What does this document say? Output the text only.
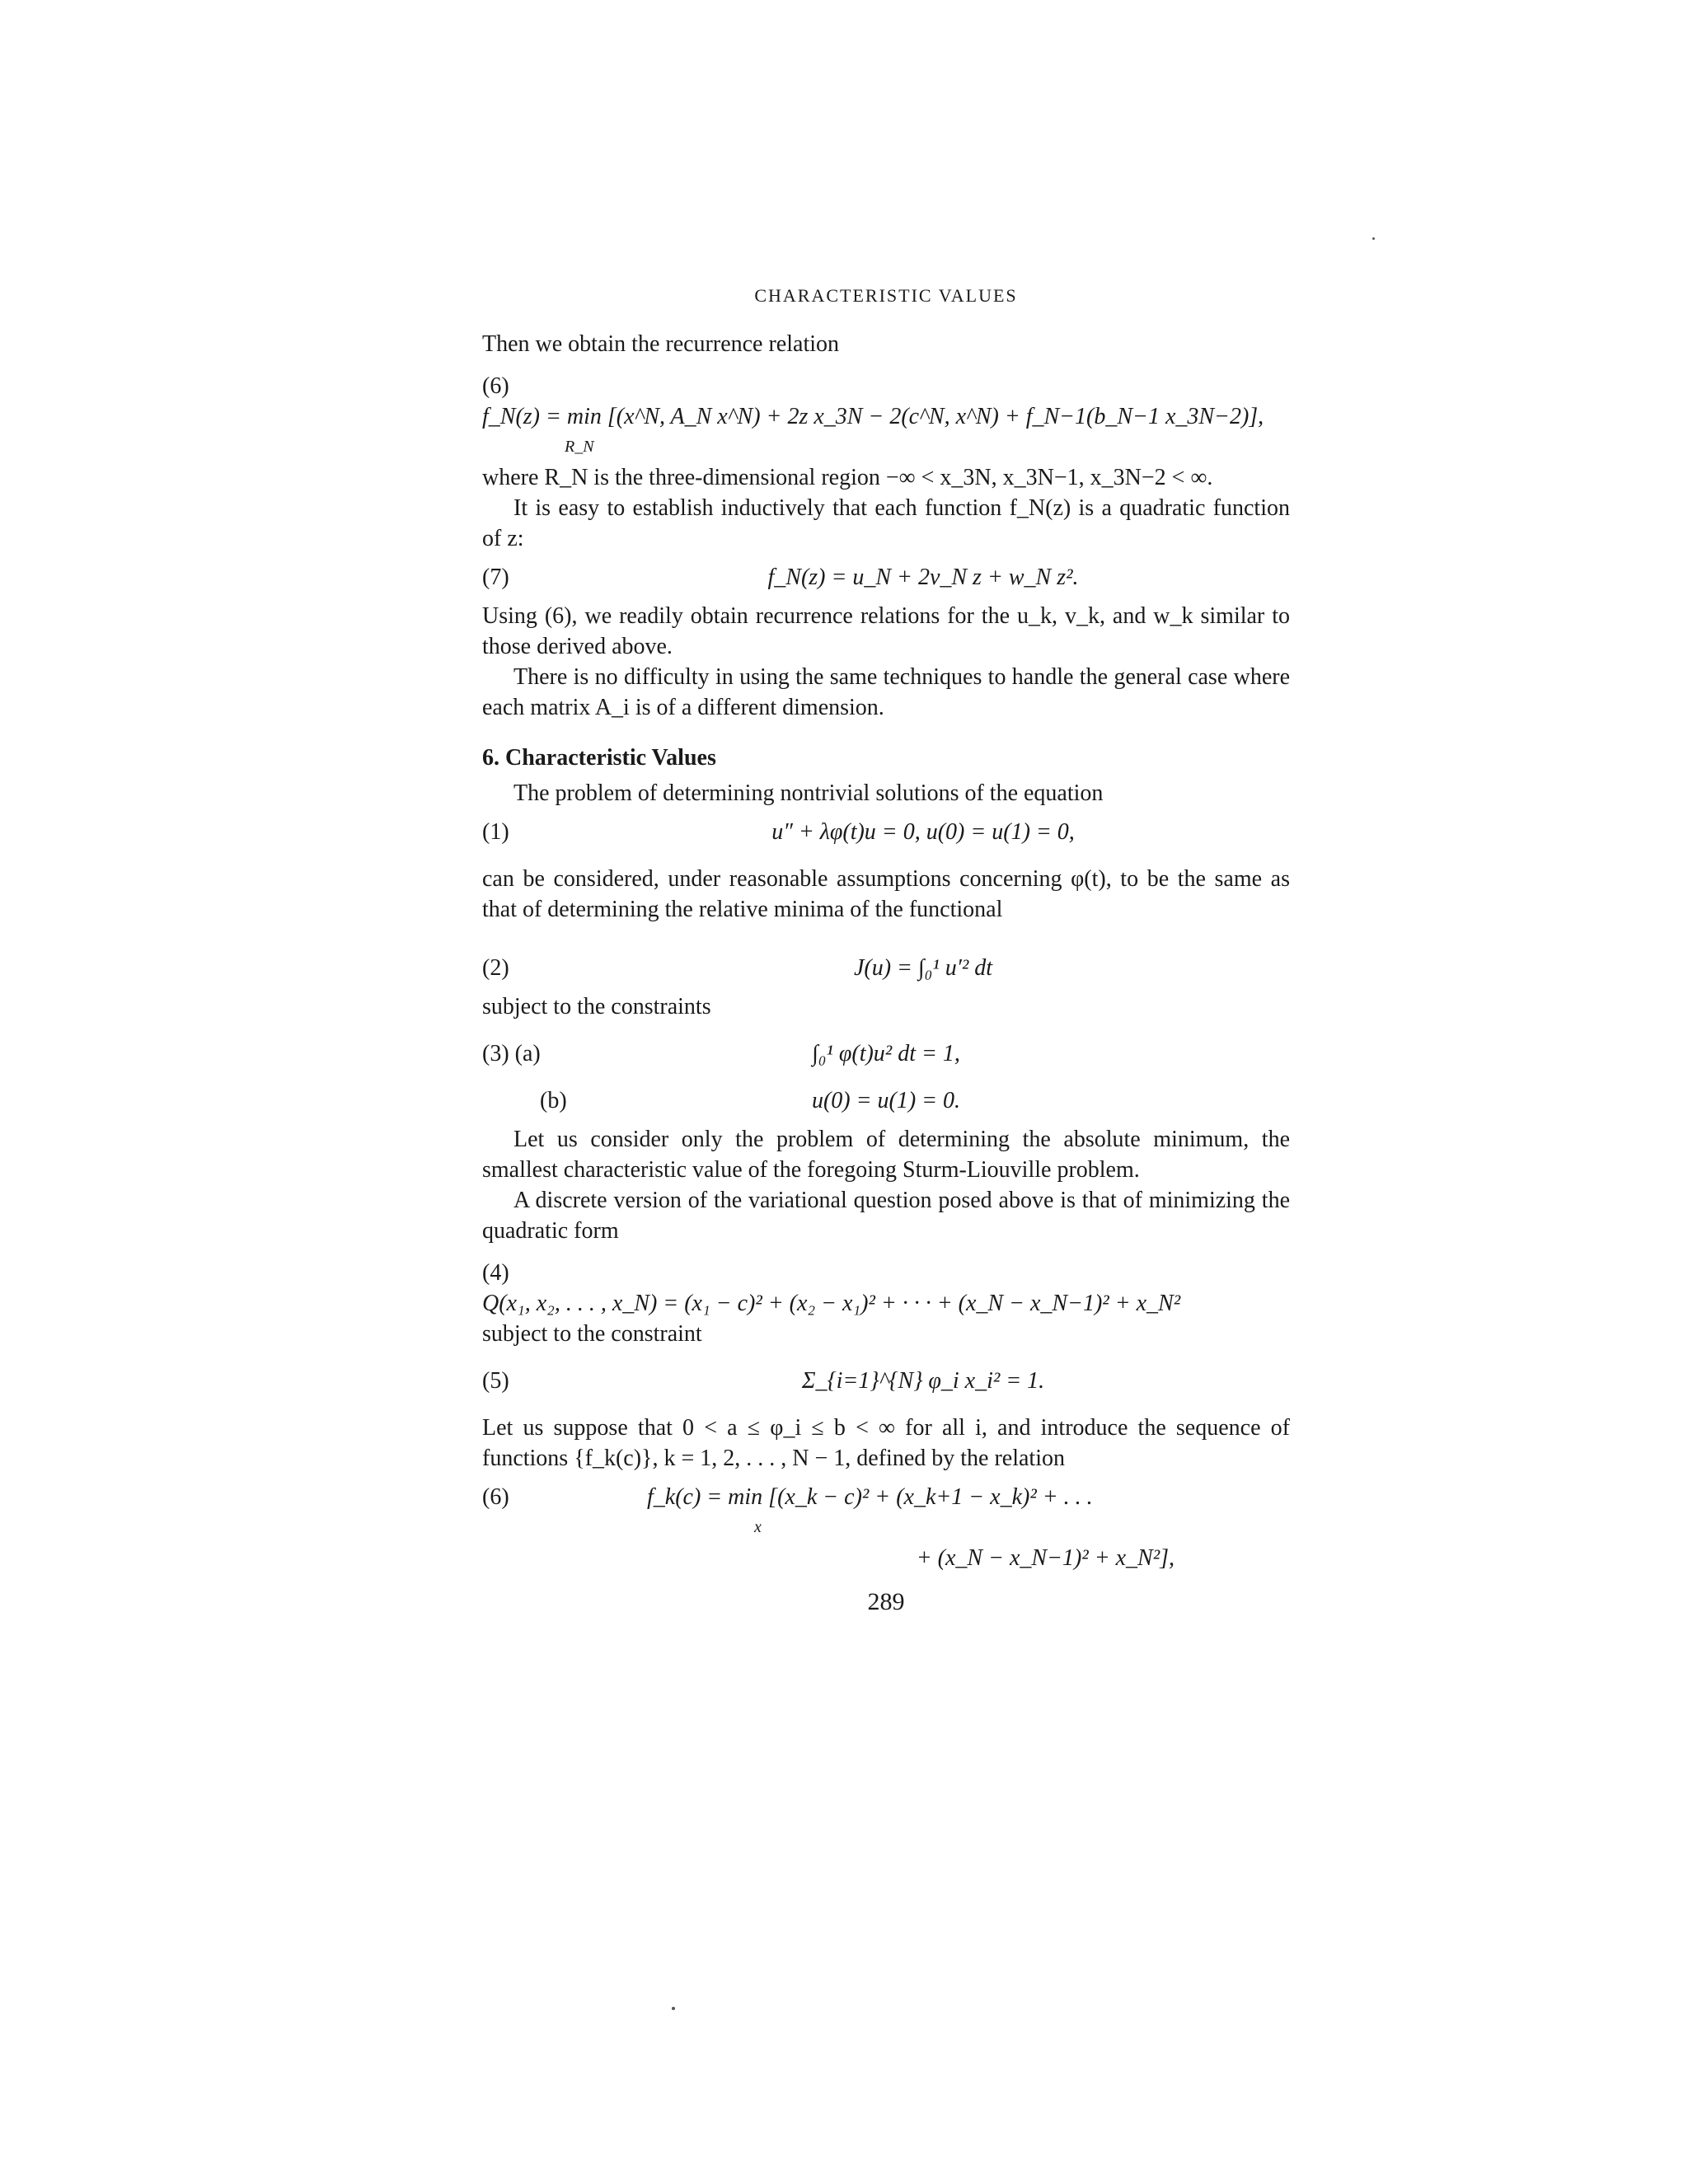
CHARACTERISTIC VALUES

Then we obtain the recurrence relation

(6)
f_N(z) = min [(x^N, A_N x^N) + 2z x_3N − 2(c^N, x^N) + f_N−1(b_N−1 x_3N−2)],
R_N

where R_N is the three-dimensional region −∞ < x_3N, x_3N−1, x_3N−2 < ∞.

It is easy to establish inductively that each function f_N(z) is a quadratic function of z:

(7)	f_N(z) = u_N + 2v_N z + w_N z².

Using (6), we readily obtain recurrence relations for the u_k, v_k, and w_k similar to those derived above.

There is no difficulty in using the same techniques to handle the general case where each matrix A_i is of a different dimension.

6. Characteristic Values

The problem of determining nontrivial solutions of the equation

(1)	u″ + λφ(t)u = 0, u(0) = u(1) = 0,

can be considered, under reasonable assumptions concerning φ(t), to be the same as that of determining the relative minima of the functional

(2)	J(u) = ∫₀¹ u′² dt

subject to the constraints

(3) (a)	∫₀¹ φ(t)u² dt = 1,
(b)	u(0) = u(1) = 0.

Let us consider only the problem of determining the absolute minimum, the smallest characteristic value of the foregoing Sturm-Liouville problem.

A discrete version of the variational question posed above is that of minimizing the quadratic form

(4)
Q(x₁, x₂, . . . , x_N) = (x₁ − c)² + (x₂ − x₁)² + · · · + (x_N − x_N−1)² + x_N²

subject to the constraint

(5)	Σ_{i=1}^{N} φ_i x_i² = 1.

Let us suppose that 0 < a ≤ φ_i ≤ b < ∞ for all i, and introduce the sequence of functions {f_k(c)}, k = 1, 2, . . . , N − 1, defined by the relation

(6)	f_k(c) = min [(x_k − c)² + (x_k+1 − x_k)² + . . .
x
+ (x_N − x_N−1)² + x_N²],
289
